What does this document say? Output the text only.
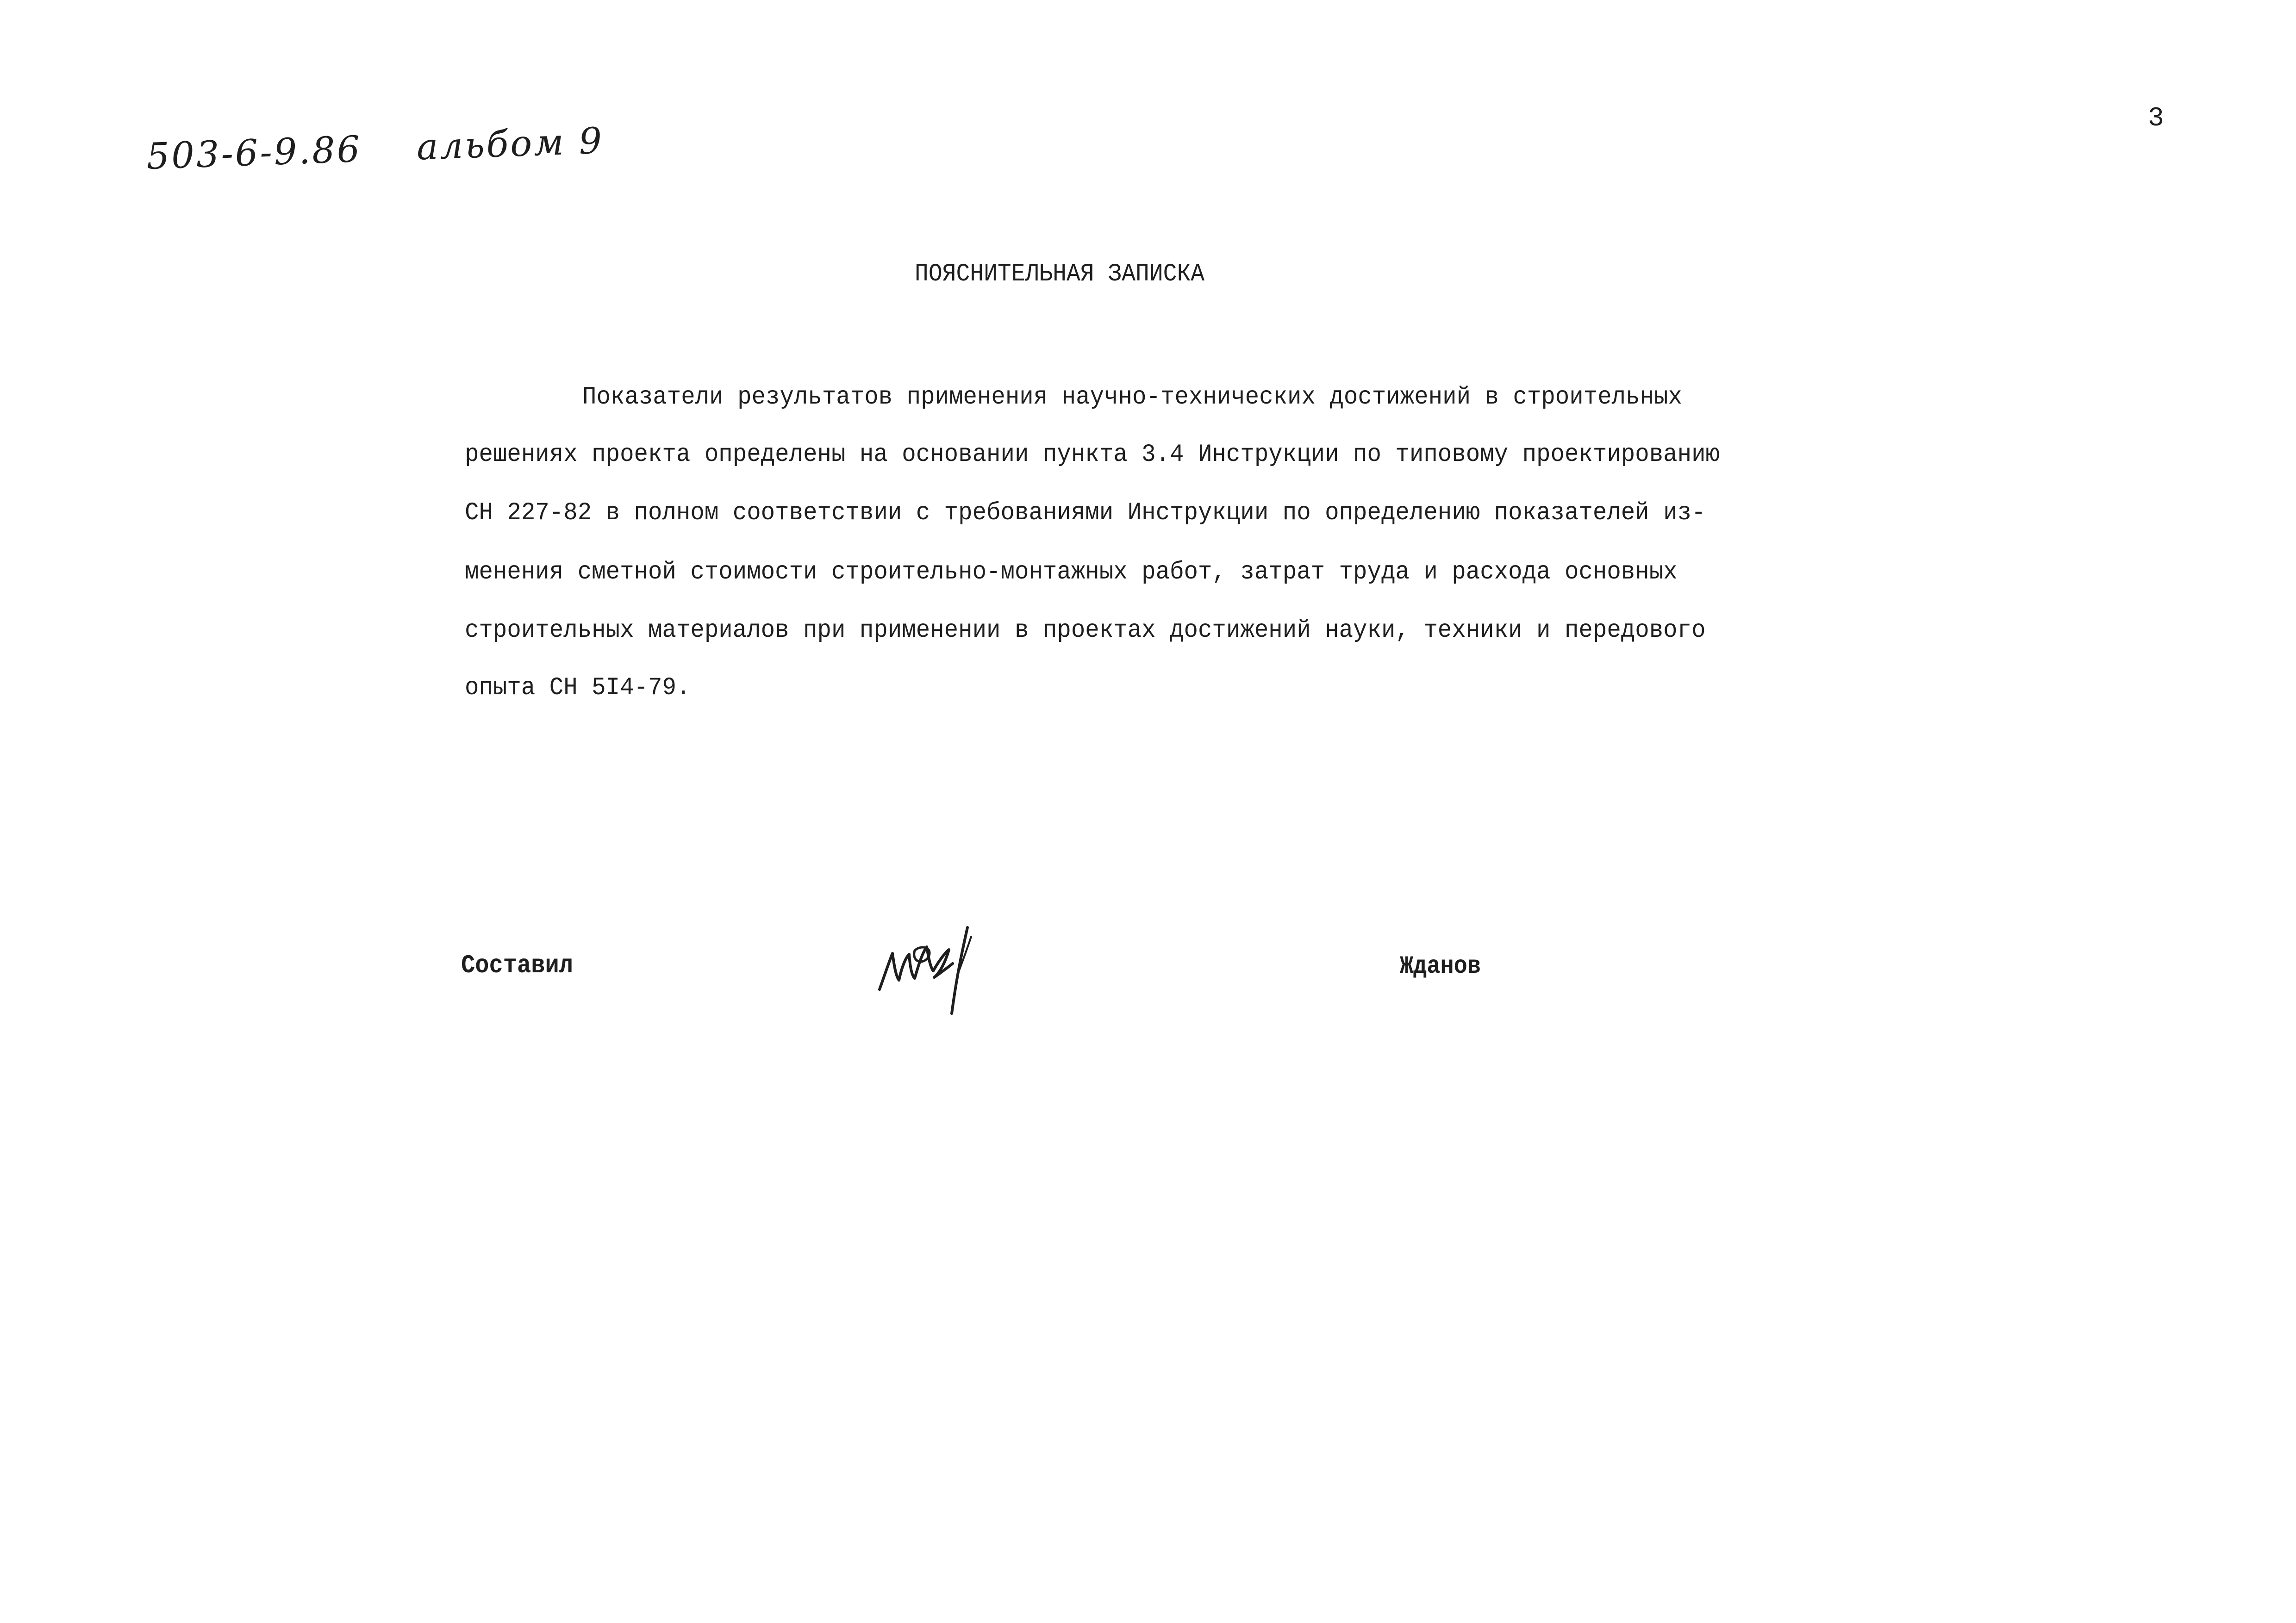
3
503-6-9.86 альбом 9
ПОЯСНИТЕЛЬНАЯ ЗАПИСКА
Показатели результатов применения научно-технических достижений в строительных
решениях проекта определены на основании пункта 3.4 Инструкции по типовому проектированию
СН 227-82 в полном соответствии с требованиями Инструкции по определению показателей из-
менения сметной стоимости строительно-монтажных работ, затрат труда и расхода основных
строительных материалов при применении в проектах достижений науки, техники и передового
опыта СН 5I4-79.
Составил	Жданов
